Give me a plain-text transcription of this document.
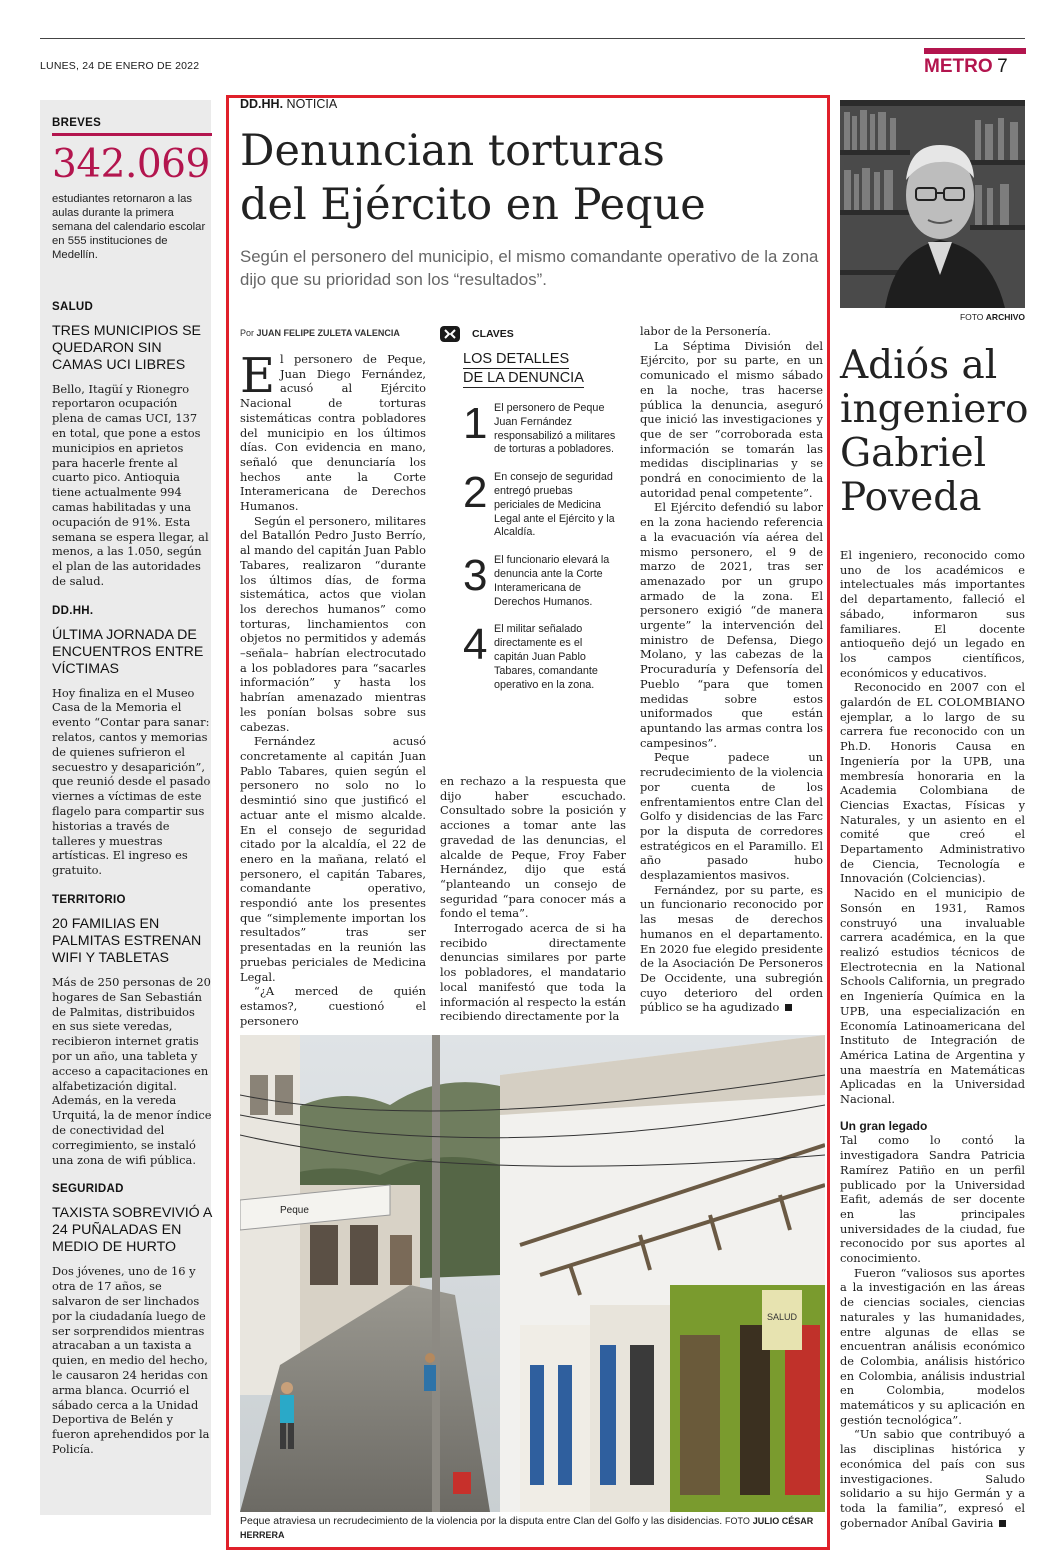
LUNES, 24 DE ENERO DE 2022	METRO 7
BREVES
342.069
estudiantes retornaron a las aulas durante la primera semana del calendario escolar en 555 instituciones de Medellín.
SALUD
TRES MUNICIPIOS SE QUEDARON SIN CAMAS UCI LIBRES
Bello, Itagüí y Rionegro reportaron ocupación plena de camas UCI, 137 en total, que pone a estos municipios en aprietos para hacerle frente al cuarto pico. Antioquia tiene actualmente 994 camas habilitadas y una ocupación de 91%. Esta semana se espera llegar, al menos, a las 1.050, según el plan de las autoridades de salud.
DD.HH.
ÚLTIMA JORNADA DE ENCUENTROS ENTRE VÍCTIMAS
Hoy finaliza en el Museo Casa de la Memoria el evento “Contar para sanar: relatos, cantos y memorias de quienes sufrieron el secuestro y desaparición”, que reunió desde el pasado viernes a víctimas de este flagelo para compartir sus historias a través de talleres y muestras artísticas. El ingreso es gratuito.
TERRITORIO
20 FAMILIAS EN PALMITAS ESTRENAN WIFI Y TABLETAS
Más de 250 personas de 20 hogares de San Sebastián de Palmitas, distribuidos en sus siete veredas, recibieron internet gratis por un año, una tableta y acceso a capacitaciones en alfabetización digital. Además, en la vereda Urquitá, la de menor índice de conectividad del corregimiento, se instaló una zona de wifi pública.
SEGURIDAD
TAXISTA SOBREVIVIÓ A 24 PUÑALADAS EN MEDIO DE HURTO
Dos jóvenes, uno de 16 y otra de 17 años, se salvaron de ser linchados por la ciudadanía luego de ser sorprendidos mientras atracaban a un taxista a quien, en medio del hecho, le causaron 24 heridas con arma blanca. Ocurrió el sábado cerca a la Unidad Deportiva de Belén y fueron aprehendidos por la Policía.
DD.HH. NOTICIA
Denuncian torturas
del Ejército en Peque
Según el personero del municipio, el mismo comandante operativo de la zona dijo que su prioridad son los “resultados”.
Por JUAN FELIPE ZULETA VALENCIA

El personero de Peque, Juan Diego Fernández, acusó al Ejército Nacional de torturas sistemáticas contra pobladores del municipio en los últimos días. Con evidencia en mano, señaló que denunciaría los hechos ante la Corte Interamericana de Derechos Humanos.

Según el personero, militares del Batallón Pedro Justo Berrío, al mando del capitán Juan Pablo Tabares, realizaron “durante los últimos días, de forma sistemática, actos que violan los derechos humanos” como torturas, linchamientos con objetos no permitidos y además –señala– habrían electrocutado a los pobladores para “sacarles información” y hasta los habrían amenazado mientras les ponían bolsas sobre sus cabezas.

Fernández acusó concretamente al capitán Juan Pablo Tabares, quien según el personero no solo no lo desmintió sino que justificó el actuar ante el mismo alcalde. En el consejo de seguridad citado por la alcaldía, el 22 de enero en la mañana, relató el personero, el capitán Tabares, comandante operativo, respondió ante los presentes que “simplemente importan los resultados” tras ser presentadas en la reunión las pruebas periciales de Medicina Legal.

“¿A merced de quién estamos?, cuestionó el personero

CLAVES
LOS DETALLES
DE LA DENUNCIA
1 El personero de Peque Juan Fernández responsabilizó a militares de torturas a pobladores.
2 En consejo de seguridad entregó pruebas periciales de Medicina Legal ante el Ejército y la Alcaldía.
3 El funcionario elevará la denuncia ante la Corte Interamericana de Derechos Humanos.
4 El militar señalado directamente es el capitán Juan Pablo Tabares, comandante operativo en la zona.

en rechazo a la respuesta que dijo haber escuchado. Consultado sobre la posición y acciones a tomar ante las gravedad de las denuncias, el alcalde de Peque, Froy Faber Hernández, dijo que está “planteando un consejo de seguridad “para conocer más a fondo el tema”.

Interrogado acerca de si ha recibido directamente denuncias similares por parte los pobladores, el mandatario local manifestó que toda la información al respecto la están recibiendo directamente por la

labor de la Personería.

La Séptima División del Ejército, por su parte, en un comunicado el mismo sábado en la noche, tras hacerse pública la denuncia, aseguró que inició las investigaciones y que de ser “corroborada esta información se tomarán las medidas disciplinarias y se pondrá en conocimiento de la autoridad penal competente”.

El Ejército defendió su labor en la zona haciendo referencia a la evacuación vía aérea del mismo personero, el 9 de marzo de 2021, tras ser amenazado por un grupo armado de la zona. El personero exigió “de manera urgente” la intervención del ministro de Defensa, Diego Molano, y las cabezas de la Procuraduría y Defensoría del Pueblo “para que tomen medidas sobre estos uniformados que están apuntando las armas contra los campesinos”.

Peque padece un recrudecimiento de la violencia por cuenta de los enfrentamientos entre Clan del Golfo y disidencias de las Farc por la disputa de corredores estratégicos en el Paramillo. El año pasado hubo desplazamientos masivos.

Fernández, por su parte, es un funcionario reconocido por las mesas de derechos humanos en el departamento. En 2020 fue elegido presidente de la Asociación De Personeros De Occidente, una subregión cuyo deterioro del orden público se ha agudizado

Peque
SALUD
Peque atraviesa un recrudecimiento de la violencia por la disputa entre Clan del Golfo y las disidencias. FOTO JULIO CÉSAR HERRERA
FOTO ARCHIVO
Adiós al
ingeniero
Gabriel
Poveda

El ingeniero, reconocido como uno de los académicos e intelectuales más importantes del departamento, falleció el sábado, informaron sus familiares. El docente antioqueño dejó un legado en los campos científicos, económicos y educativos.

Reconocido en 2007 con el galardón de EL COLOMBIANO ejemplar, a lo largo de su carrera fue reconocido con un Ph.D. Honoris Causa en Ingeniería por la UPB, una membresía honoraria en la Academia Colombiana de Ciencias Exactas, Físicas y Naturales, y un asiento en el comité que creó el Departamento Administrativo de Ciencia, Tecnología e Innovación (Colciencias).

Nacido en el municipio de Sonsón en 1931, Ramos construyó una invaluable carrera académica, en la que realizó estudios técnicos de Electrotecnia en la National Schools California, un pregrado en Ingeniería Química en la UPB, una especialización en Economía Latinoamericana del Instituto de Integración de América Latina de Argentina y una maestría en Matemáticas Aplicadas en la Universidad Nacional.

Un gran legado

Tal como lo contó la investigadora Sandra Patricia Ramírez Patiño en un perfil publicado por la Universidad Eafit, además de ser docente en las principales universidades de la ciudad, fue reconocido por sus aportes al conocimiento.

Fueron “valiosos sus aportes a la investigación en las áreas de ciencias sociales, ciencias naturales y las humanidades, entre algunas de ellas se encuentran análisis económico de Colombia, análisis histórico en Colombia, análisis industrial en Colombia, modelos matemáticos y su aplicación en gestión tecnológica”.

“Un sabio que contribuyó a las disciplinas histórica y económica del país con sus investigaciones. Saludo solidario a su hijo Germán y a toda la familia”, expresó el gobernador Aníbal Gaviria
